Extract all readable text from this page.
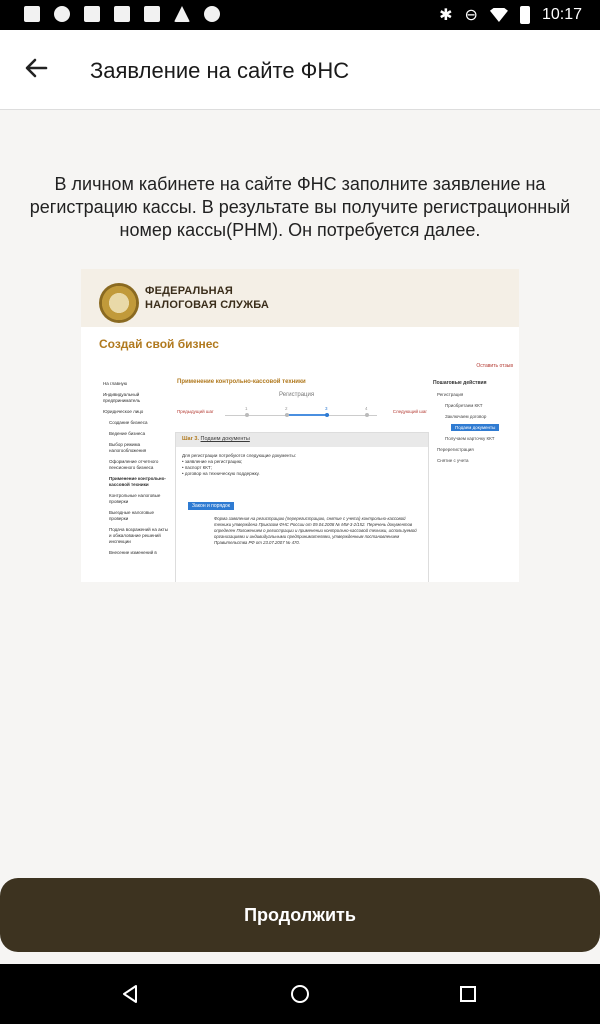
✱ ⊖	10:17
Заявление на сайте ФНС
В личном кабинете на сайте ФНС заполните заявление на регистрацию кассы. В результате вы получите регистрационный номер кассы(РНМ). Он потребуется далее.
ФЕДЕРАЛЬНАЯ
НАЛОГОВАЯ СЛУЖБА
Создай свой бизнес
Оставить отзыв
На главную
Индивидуальный предприниматель
Юридическое лицо
Создание бизнеса
Ведение бизнеса
Выбор режима налогообложения
Оформление отчетного пенсионного бизнеса
Применение контрольно-кассовой техники
Контрольные налоговые проверки
Выездные налоговые проверки
Подача возражений на акты и обжалование решений инспекции
Внесение изменений в
Применение контрольно-кассовой техники
Регистрация
Предыдущий шаг	Следующий шаг
1	2	3	4
Шаг 3. Подаем документы
Для регистрации потребуются следующие документы:
• заявление на регистрацию;
• паспорт ККТ;
• договор на техническую поддержку.
Закон и порядок
Форма заявления на регистрацию (перерегистрацию, снятие с учета) контрольно-кассовой техники утверждена Приказом ФНС России от 09.04.2008 № ММ-3-2/152. Перечень документов определен Положением о регистрации и применении контрольно-кассовой техники, используемой организациями и индивидуальными предпринимателями, утвержденным постановлением Правительства РФ от 23.07.2007 № 470.
Пошаговые действия
Регистрация
Приобретаем ККТ
Заключаем договор
Подаем документы
Получаем карточку ККТ
Перерегистрация
Снятие с учета
Продолжить
